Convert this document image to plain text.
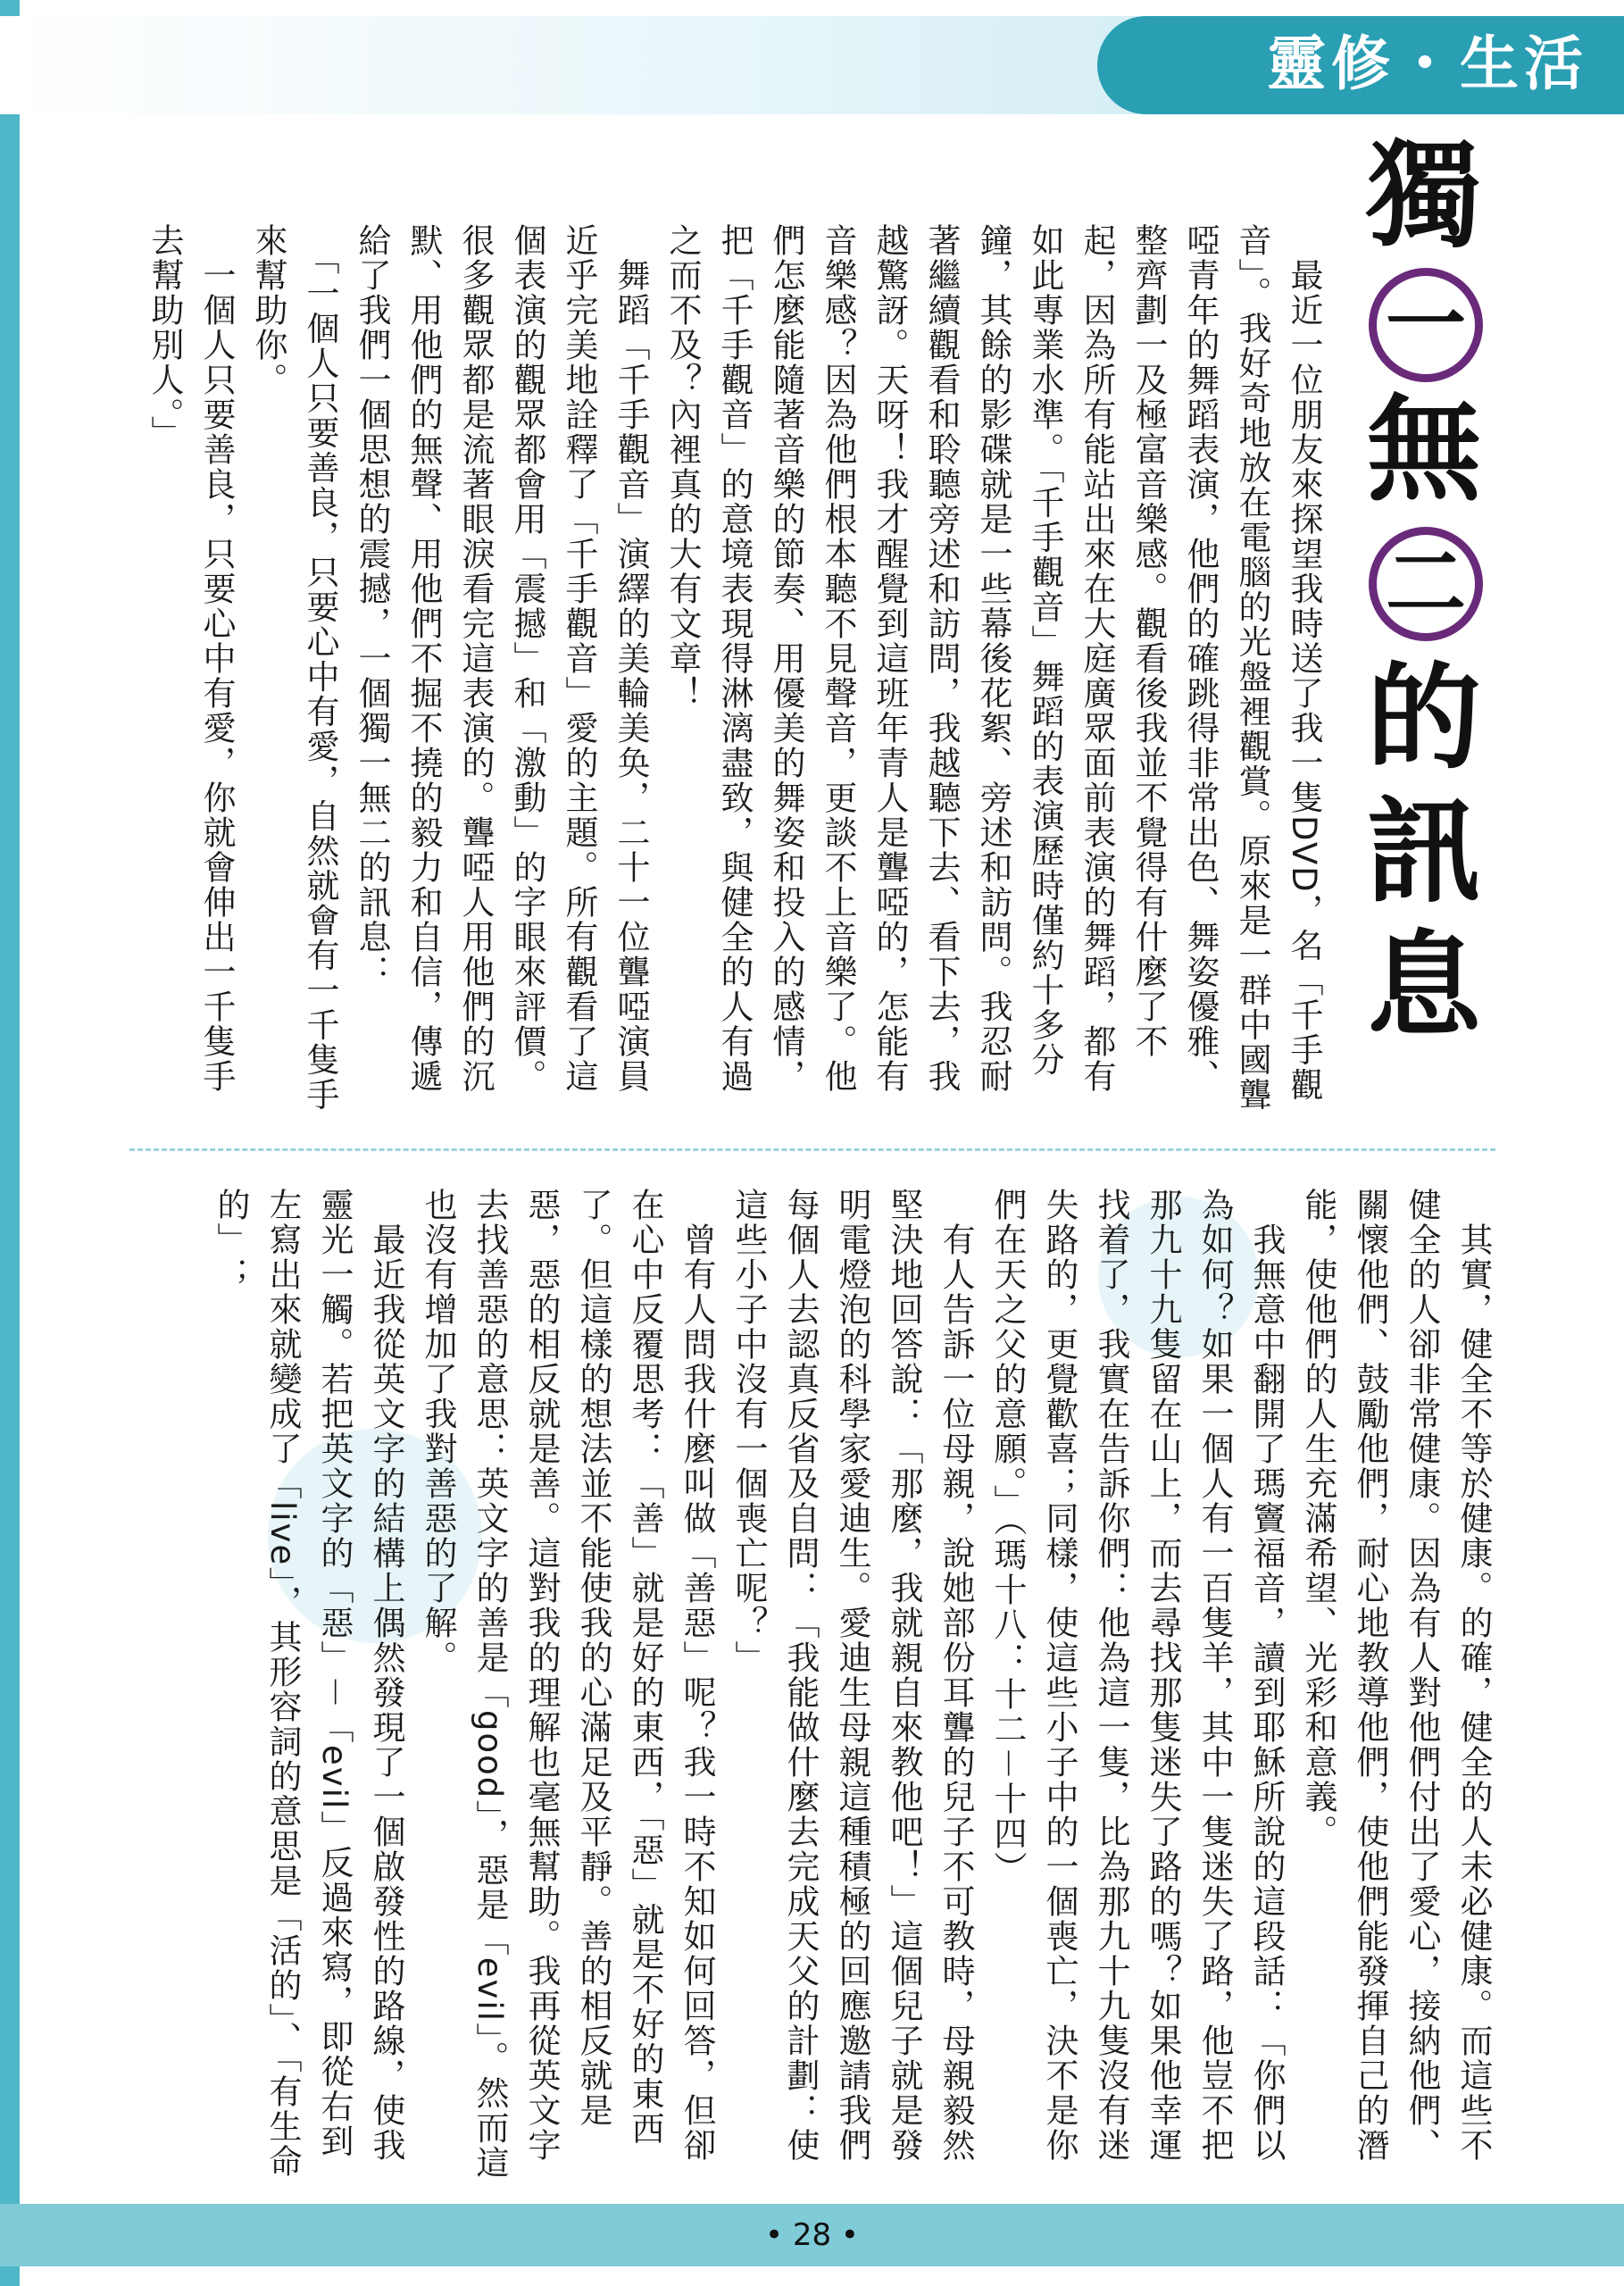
靈修・生活
獨
一
無
二
的
訊
息

　最近一位朋友來探望我時送了我一隻DVD，名「千手觀音」。我好奇地放在電腦的光盤裡觀賞。原來是一群中國聾啞青年的舞蹈表演，他們的確跳得非常出色、舞姿優雅、整齊劃一及極富音樂感。觀看後我並不覺得有什麼了不起，因為所有能站出來在大庭廣眾面前表演的舞蹈，都有如此專業水準。「千手觀音」舞蹈的表演歷時僅約十多分鐘，其餘的影碟就是一些幕後花絮、旁述和訪問。我忍耐著繼續觀看和聆聽旁述和訪問，我越聽下去、看下去，我越驚訝。天呀！我才醒覺到這班年青人是聾啞的，怎能有音樂感？因為他們根本聽不見聲音，更談不上音樂了。他們怎麼能隨著音樂的節奏、用優美的舞姿和投入的感情，把「千手觀音」的意境表現得淋漓盡致，與健全的人有過之而不及？內裡真的大有文章！

　舞蹈「千手觀音」演繹的美輪美奂，二十一位聾啞演員近乎完美地詮釋了「千手觀音」愛的主題。所有觀看了這個表演的觀眾都會用「震撼」和「激動」的字眼來評價。很多觀眾都是流著眼淚看完這表演的。聾啞人用他們的沉默、用他們的無聲、用他們不掘不撓的毅力和自信，傳遞給了我們一個思想的震撼，一個獨一無二的訊息：

　「一個人只要善良，只要心中有愛，自然就會有一千隻手來幫助你。

　一個人只要善良，只要心中有愛，你就會伸出一千隻手去幫助別人。」

　其實，健全不等於健康。的確，健全的人未必健康。而這些不健全的人卻非常健康。因為有人對他們付出了愛心，接納他們、關懷他們、鼓勵他們，耐心地教導他們，使他們能發揮自己的潛能，使他們的人生充滿希望、光彩和意義。

　我無意中翻開了瑪竇福音，讀到耶穌所說的這段話：「你們以為如何？如果一個人有一百隻羊，其中一隻迷失了路，他豈不把那九十九隻留在山上，而去尋找那隻迷失了路的嗎？如果他幸運找着了，我實在告訴你們：他為這一隻，比為那九十九隻沒有迷失路的，更覺歡喜；同樣，使這些小子中的一個喪亡，決不是你們在天之父的意願。」（瑪十八：十二－十四）

　有人告訴一位母親，說她部份耳聾的兒子不可教時，母親毅然堅決地回答說：「那麼，我就親自來教他吧！」這個兒子就是發明電燈泡的科學家愛迪生。愛迪生母親這種積極的回應邀請我們每個人去認真反省及自問：「我能做什麼去完成天父的計劃：使這些小子中沒有一個喪亡呢？」

　曾有人問我什麼叫做「善惡」呢？我一時不知如何回答，但卻在心中反覆思考：「善」就是好的東西，「惡」就是不好的東西了。但這樣的想法並不能使我的心滿足及平靜。善的相反就是惡，惡的相反就是善。這對我的理解也毫無幫助。我再從英文字去找善惡的意思：英文字的善是「good」，惡是「evil」。然而這也沒有增加了我對善惡的了解。

　最近我從英文字的結構上偶然發現了一個啟發性的路線，使我靈光一觸。若把英文字的「惡」－「evil」反過來寫，即從右到左寫出來就變成了「live」，其形容詞的意思是「活的」、「有生命的」；

• 28 •
